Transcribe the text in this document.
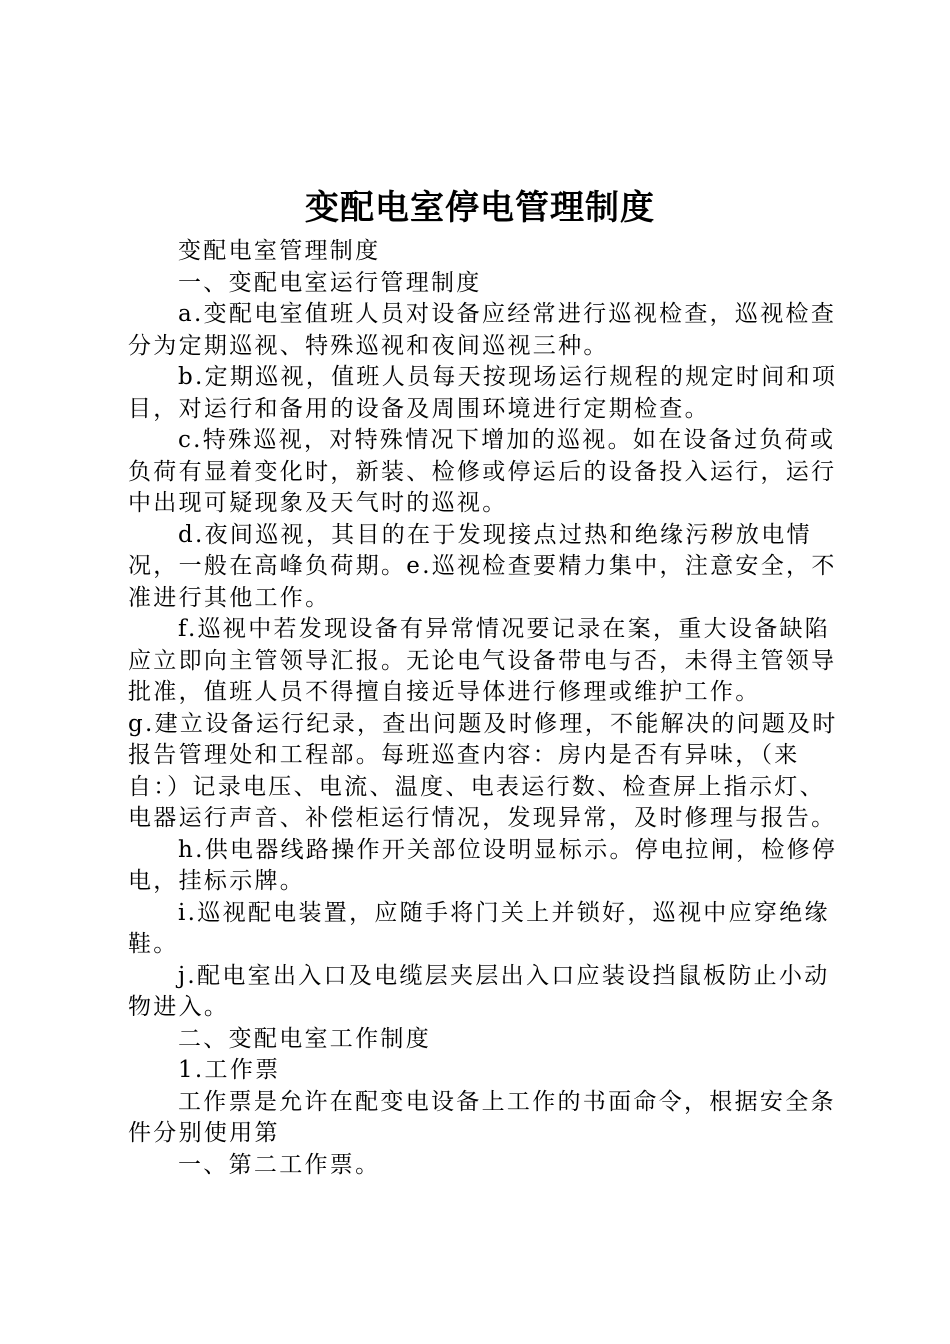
变配电室停电管理制度

变配电室管理制度

一、变配电室运行管理制度

a.变配电室值班人员对设备应经常进行巡视检查，巡视检查分为定期巡视、特殊巡视和夜间巡视三种。

b.定期巡视，值班人员每天按现场运行规程的规定时间和项目，对运行和备用的设备及周围环境进行定期检查。

c.特殊巡视，对特殊情况下增加的巡视。如在设备过负荷或负荷有显着变化时，新装、检修或停运后的设备投入运行，运行中出现可疑现象及天气时的巡视。

d.夜间巡视，其目的在于发现接点过热和绝缘污秽放电情况，一般在高峰负荷期。e.巡视检查要精力集中，注意安全，不准进行其他工作。

f.巡视中若发现设备有异常情况要记录在案，重大设备缺陷应立即向主管领导汇报。无论电气设备带电与否，未得主管领导批准，值班人员不得擅自接近导体进行修理或维护工作。

g.建立设备运行纪录，查出问题及时修理，不能解决的问题及时报告管理处和工程部。每班巡查内容：房内是否有异味，（来自：）记录电压、电流、温度、电表运行数、检查屏上指示灯、电器运行声音、补偿柜运行情况，发现异常，及时修理与报告。

h.供电器线路操作开关部位设明显标示。停电拉闸，检修停电，挂标示牌。

i.巡视配电装置，应随手将门关上并锁好，巡视中应穿绝缘鞋。

j.配电室出入口及电缆层夹层出入口应装设挡鼠板防止小动物进入。

二、变配电室工作制度

1.工作票

工作票是允许在配变电设备上工作的书面命令，根据安全条件分别使用第

一、第二工作票。
